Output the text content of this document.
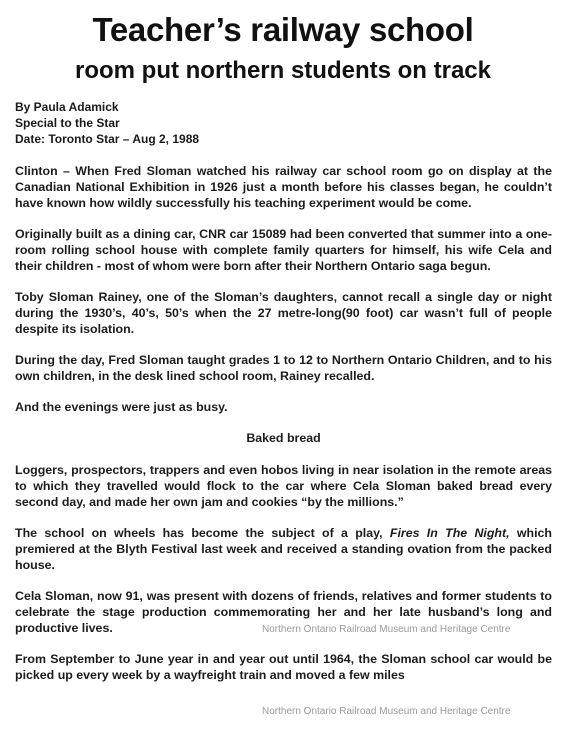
Teacher’s railway school
room put northern students on track
By Paula Adamick
Special to the Star
Date: Toronto Star – Aug 2, 1988

Clinton – When Fred Sloman watched his railway car school room go on display at the Canadian National Exhibition in 1926 just a month before his classes began, he couldn’t have known how wildly successfully his teaching experiment would be come.

Originally built as a dining car, CNR car 15089 had been converted that summer into a one-room rolling school house with complete family quarters for himself, his wife Cela and their children - most of whom were born after their Northern Ontario saga begun.

Toby Sloman Rainey, one of the Sloman’s daughters, cannot recall a single day or night during the 1930’s, 40’s, 50’s when the 27 metre-long(90 foot) car wasn’t full of people despite its isolation.

During the day, Fred Sloman taught grades 1 to 12 to Northern Ontario Children, and to his own children, in the desk lined school room, Rainey recalled.

And the evenings were just as busy.

Baked bread

Loggers, prospectors, trappers and even hobos living in near isolation in the remote areas to which they travelled would flock to the car where Cela Sloman baked bread every second day, and made her own jam and cookies “by the millions.”

The school on wheels has become the subject of a play, Fires In The Night, which premiered at the Blyth Festival last week and received a standing ovation from the packed house.

Cela Sloman, now 91, was present with dozens of friends, relatives and former students to celebrate the stage production commemorating her and her late husband’s long and productive lives.

From September to June year in and year out until 1964, the Sloman school car would be picked up every week by a wayfreight train and moved a few miles

Northern Ontario Railroad Museum and Heritage Centre
Northern Ontario Railroad Museum and Heritage Centre
